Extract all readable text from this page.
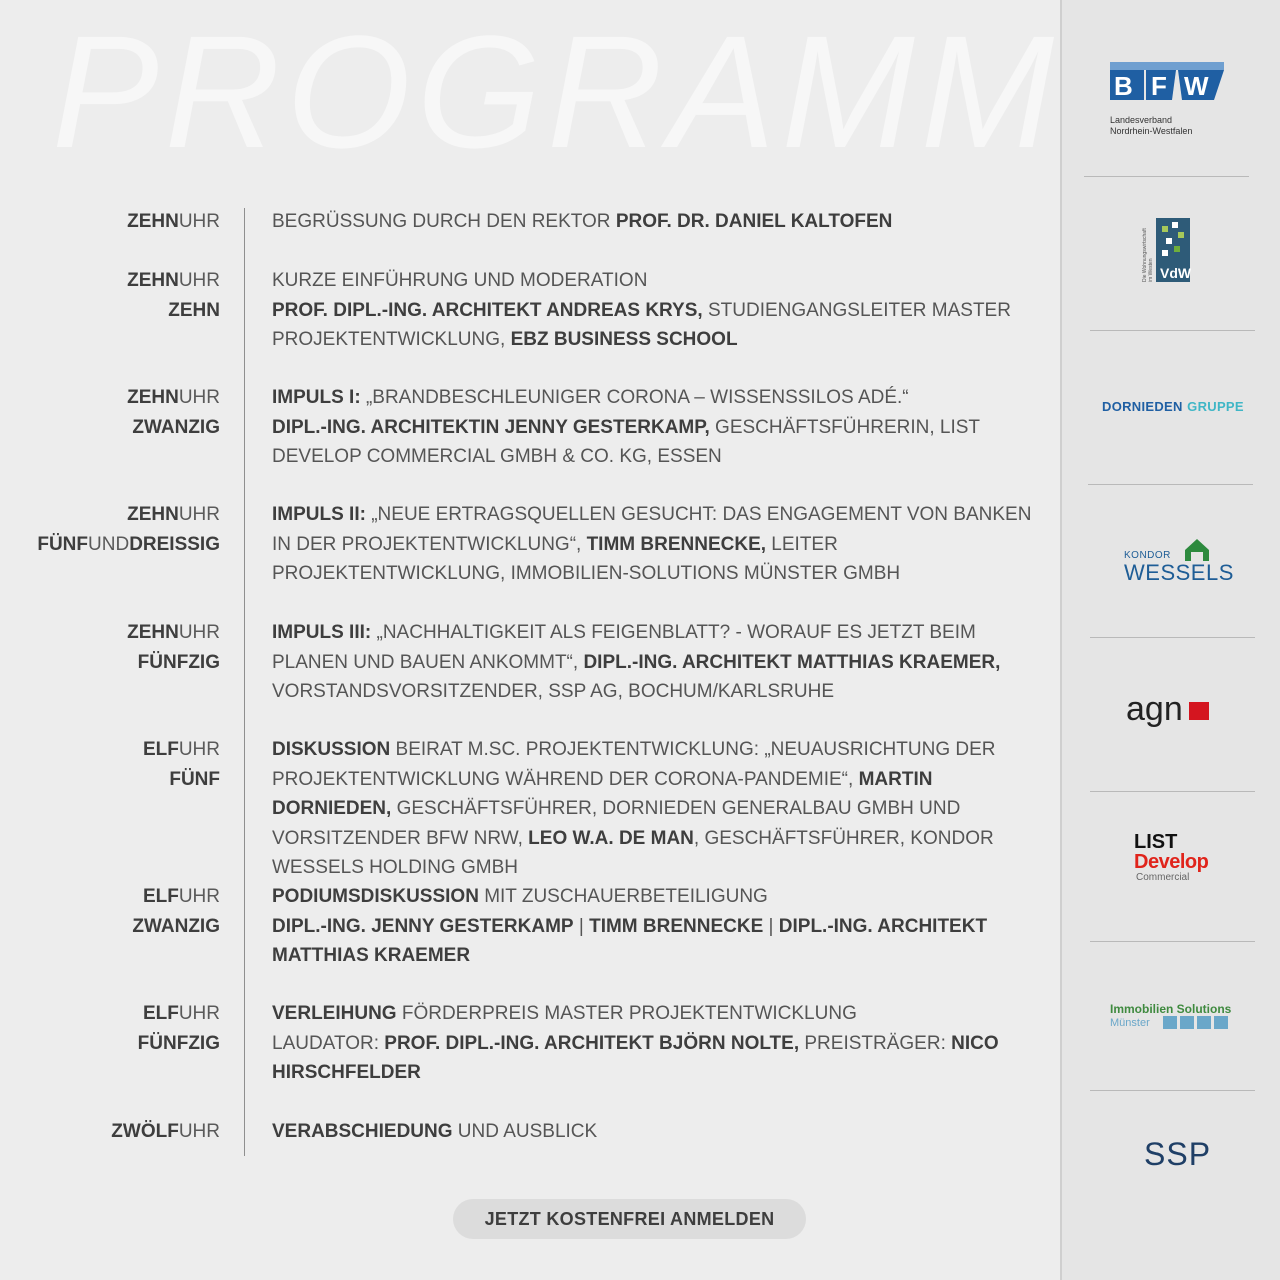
PROGRAMM
ZEHNUHR	BEGRÜSSUNG DURCH DEN REKTOR PROF. DR. DANIEL KALTOFEN
ZEHNUHR
ZEHN
KURZE EINFÜHRUNG UND MODERATION
PROF. DIPL.-ING. ARCHITEKT ANDREAS KRYS, STUDIENGANGSLEITER MASTER PROJEKTENTWICKLUNG, EBZ BUSINESS SCHOOL
ZEHNUHR
ZWANZIG
IMPULS I: „BRANDBESCHLEUNIGER CORONA – WISSENSSILOS ADÉ.“
DIPL.-ING. ARCHITEKTIN JENNY GESTERKAMP, GESCHÄFTSFÜHRERIN, LIST DEVELOP COMMERCIAL GMBH & CO. KG, ESSEN
ZEHNUHR
FÜNFUNDDREISSIG
IMPULS II: „NEUE ERTRAGSQUELLEN GESUCHT: DAS ENGAGEMENT VON BANKEN
IN DER PROJEKTENTWICKLUNG“, TIMM BRENNECKE, LEITER PROJEKTENTWICKLUNG, IMMOBILIEN-SOLUTIONS MÜNSTER GMBH
ZEHNUHR
FÜNFZIG
IMPULS III: „NACHHALTIGKEIT ALS FEIGENBLATT? - WORAUF ES JETZT BEIM PLANEN UND BAUEN ANKOMMT“, DIPL.-ING. ARCHITEKT MATTHIAS KRAEMER,
VORSTANDSVORSITZENDER, SSP AG, BOCHUM/KARLSRUHE
ELFUHR
FÜNF
DISKUSSION BEIRAT M.SC. PROJEKTENTWICKLUNG: „NEUAUSRICHTUNG DER PROJEKTENTWICKLUNG WÄHREND DER CORONA-PANDEMIE“, MARTIN DORNIEDEN, GESCHÄFTSFÜHRER, DORNIEDEN GENERALBAU GMBH UND VORSITZENDER BFW NRW, LEO W.A. DE MAN, GESCHÄFTSFÜHRER, KONDOR WESSELS HOLDING GMBH
ELFUHR
ZWANZIG
PODIUMSDISKUSSION MIT ZUSCHAUERBETEILIGUNG
DIPL.-ING. JENNY GESTERKAMP | TIMM BRENNECKE | DIPL.-ING. ARCHITEKT MATTHIAS KRAEMER
ELFUHR
FÜNFZIG
VERLEIHUNG FÖRDERPREIS MASTER PROJEKTENTWICKLUNG
LAUDATOR: PROF. DIPL.-ING. ARCHITEKT BJÖRN NOLTE, PREISTRÄGER: NICO HIRSCHFELDER
ZWÖLFUHR	VERABSCHIEDUNG UND AUSBLICK
JETZT KOSTENFREI ANMELDEN
B F W
Landesverband
Nordrhein-Westfalen
Die Wohnungswirtschaft im Westen VdW
DORNIEDEN GRUPPE
KONDOR
WESSELS
agn
LIST
Develop
Commercial
Immobilien Solutions
Münster
SSP
